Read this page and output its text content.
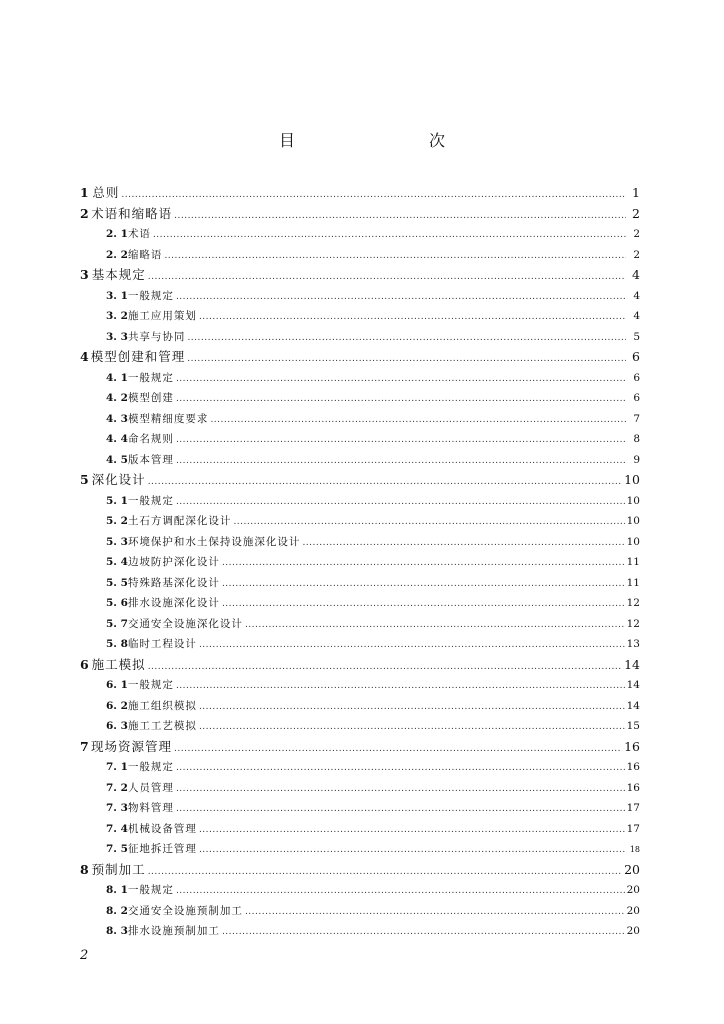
目　　次
1 总则 .....	1
2 术语和缩略语 .....	2
2. 1 术语 .....	2
2. 2 缩略语 .....	2
3 基本规定 .....	4
3. 1 一般规定 .....	4
3. 2 施工应用策划 .....	4
3. 3 共享与协同 .....	5
4 模型创建和管理 .....	6
4. 1 一般规定 .....	6
4. 2 模型创建 .....	6
4. 3 模型精细度要求 .....	7
4. 4 命名规则 .....	8
4. 5 版本管理 .....	9
5 深化设计 .....	10
5. 1 一般规定 .....	10
5. 2 土石方调配深化设计 .....	10
5. 3 环境保护和水土保持设施深化设计 .....	10
5. 4 边坡防护深化设计 .....	11
5. 5 特殊路基深化设计 .....	11
5. 6 排水设施深化设计 .....	12
5. 7 交通安全设施深化设计 .....	12
5. 8 临时工程设计 .....	13
6 施工模拟 .....	14
6. 1 一般规定 .....	14
6. 2 施工组织模拟 .....	14
6. 3 施工工艺模拟 .....	15
7 现场资源管理 .....	16
7. 1 一般规定 .....	16
7. 2 人员管理 .....	16
7. 3 物料管理 .....	17
7. 4 机械设备管理 .....	17
7. 5 征地拆迁管理 .....	18
8 预制加工 .....	20
8. 1 一般规定 .....	20
8. 2 交通安全设施预制加工 .....	20
8. 3 排水设施预制加工 .....	20
2
